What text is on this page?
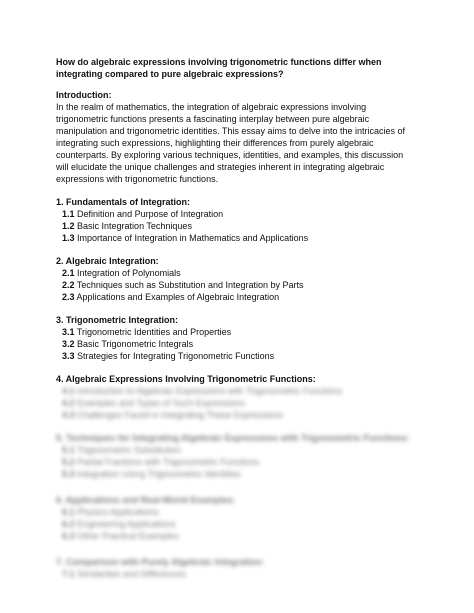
How do algebraic expressions involving trigonometric functions differ when integrating compared to pure algebraic expressions?

Introduction:

In the realm of mathematics, the integration of algebraic expressions involving trigonometric functions presents a fascinating interplay between pure algebraic manipulation and trigonometric identities. This essay aims to delve into the intricacies of integrating such expressions, highlighting their differences from purely algebraic counterparts. By exploring various techniques, identities, and examples, this discussion will elucidate the unique challenges and strategies inherent in integrating algebraic expressions with trigonometric functions.

1. Fundamentals of Integration:
1.1 Definition and Purpose of Integration
1.2 Basic Integration Techniques
1.3 Importance of Integration in Mathematics and Applications
2. Algebraic Integration:
2.1 Integration of Polynomials
2.2 Techniques such as Substitution and Integration by Parts
2.3 Applications and Examples of Algebraic Integration
3. Trigonometric Integration:
3.1 Trigonometric Identities and Properties
3.2 Basic Trigonometric Integrals
3.3 Strategies for Integrating Trigonometric Functions
4. Algebraic Expressions Involving Trigonometric Functions:
4.1 Introduction to Algebraic Expressions with Trigonometric Functions
4.2 Examples and Types of Such Expressions
4.3 Challenges Faced in Integrating These Expressions
5. Techniques for Integrating Algebraic Expressions with Trigonometric Functions:
5.1 Trigonometric Substitution
5.2 Partial Fractions with Trigonometric Functions
5.3 Integration Using Trigonometric Identities
6. Applications and Real-World Examples:
6.1 Physics Applications
6.2 Engineering Applications
6.3 Other Practical Examples
7. Comparison with Purely Algebraic Integration:
7.1 Similarities and Differences
